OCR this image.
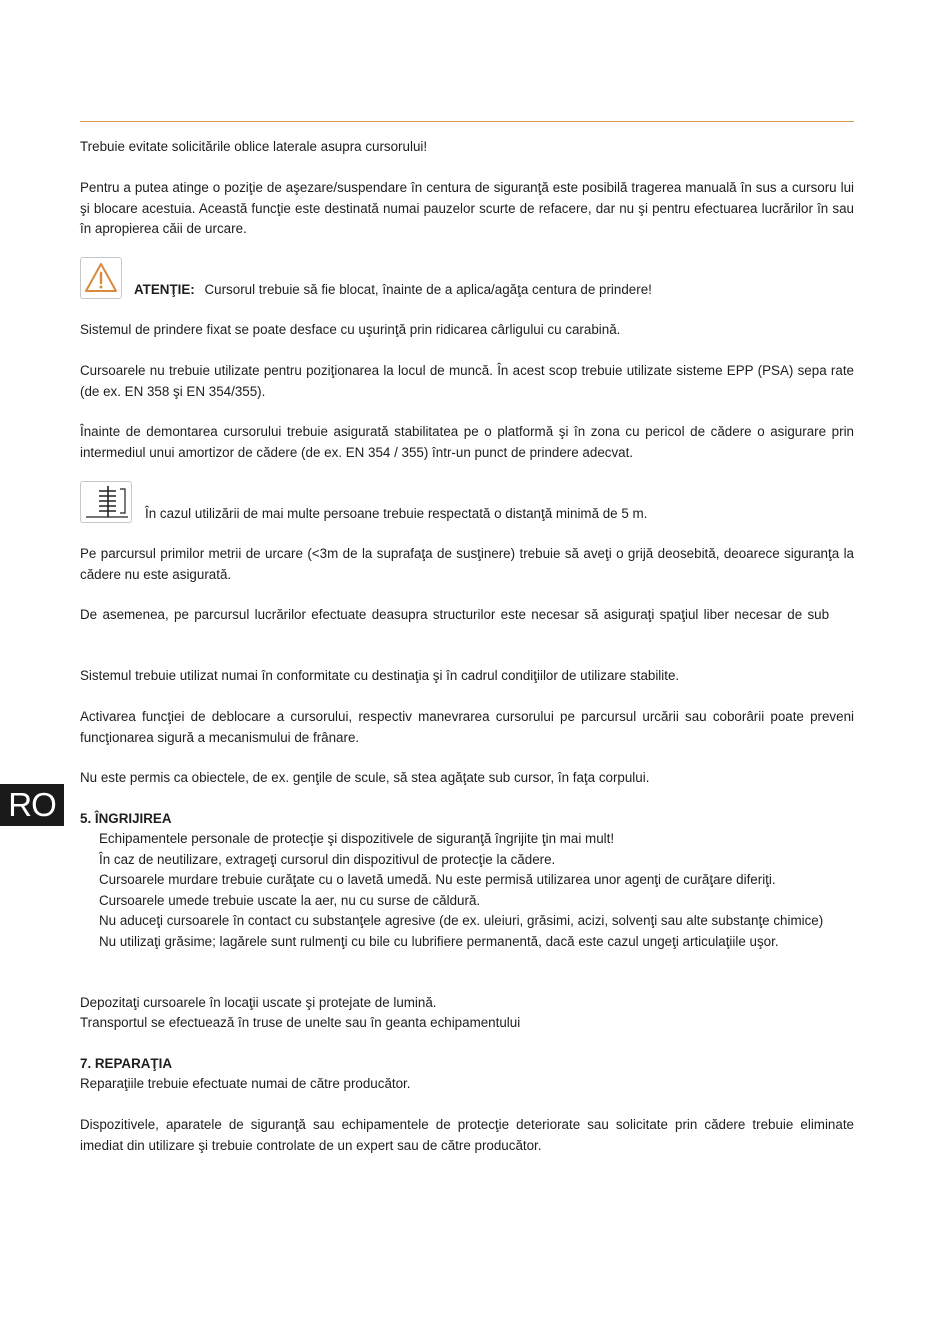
Trebuie evitate solicitările oblice laterale asupra cursorului!

Pentru a putea atinge o poziţie de aşezare/suspendare în centura de siguranţă este posibilă tragerea manuală în sus a cursoru lui şi blocare acestuia. Această funcţie este destinată numai pauzelor scurte de refacere, dar nu şi pentru efectuarea lucrărilor în sau în apropierea căii de urcare.

ATENŢIE: Cursorul trebuie să fie blocat, înainte de a aplica/agăţa centura de prindere!

Sistemul de prindere fixat se poate desface cu uşurinţă prin ridicarea cârligului cu carabină.

Cursoarele nu trebuie utilizate pentru poziţionarea la locul de muncă. În acest scop trebuie utilizate sisteme EPP (PSA) sepa rate (de ex. EN 358 şi EN 354/355).

Înainte de demontarea cursorului trebuie asigurată stabilitatea pe o platformă şi în zona cu pericol de cădere o asigurare prin intermediul unui amortizor de cădere (de ex. EN 354 / 355) într-un punct de prindere adecvat.

În cazul utilizării de mai multe persoane trebuie respectată o distanţă minimă de 5 m.

Pe parcursul primilor metrii de urcare (<3m de la suprafaţa de susţinere) trebuie să aveţi o grijă deosebită, deoarece siguranţa la cădere nu este asigurată.

De asemenea, pe parcursul lucrărilor efectuate deasupra structurilor este necesar să asiguraţi spaţiul liber necesar de sub

Sistemul trebuie utilizat numai în conformitate cu destinaţia şi în cadrul condiţiilor de utilizare stabilite.

Activarea funcţiei de deblocare a cursorului, respectiv manevrarea cursorului pe parcursul urcării sau coborârii poate preveni funcţionarea sigură a mecanismului de frânare.

Nu este permis ca obiectele, de ex. genţile de scule, să stea agăţate sub cursor, în faţa corpului.

RO	5. ÎNGRIJIREA

Echipamentele personale de protecţie şi dispozitivele de siguranţă îngrijite ţin mai mult!

În caz de neutilizare, extrageţi cursorul din dispozitivul de protecţie la cădere.

Cursoarele murdare trebuie curăţate cu o lavetă umedă. Nu este permisă utilizarea unor agenţi de curăţare diferiţi.

Cursoarele umede trebuie uscate la aer, nu cu surse de căldură.

Nu aduceţi cursoarele în contact cu substanţele agresive (de ex. uleiuri, grăsimi, acizi, solvenţi sau alte substanţe chimice)

Nu utilizaţi grăsime; lagărele sunt rulmenţi cu bile cu lubrifiere permanentă, dacă este cazul ungeţi articulaţiile uşor.

Depozitaţi cursoarele în locaţii uscate şi protejate de lumină.

Transportul se efectuează în truse de unelte sau în geanta echipamentului

7. REPARAŢIA

Reparaţiile trebuie efectuate numai de către producător.

Dispozitivele, aparatele de siguranţă sau echipamentele de protecţie deteriorate sau solicitate prin cădere trebuie eliminate imediat din utilizare şi trebuie controlate de un expert sau de către producător.
